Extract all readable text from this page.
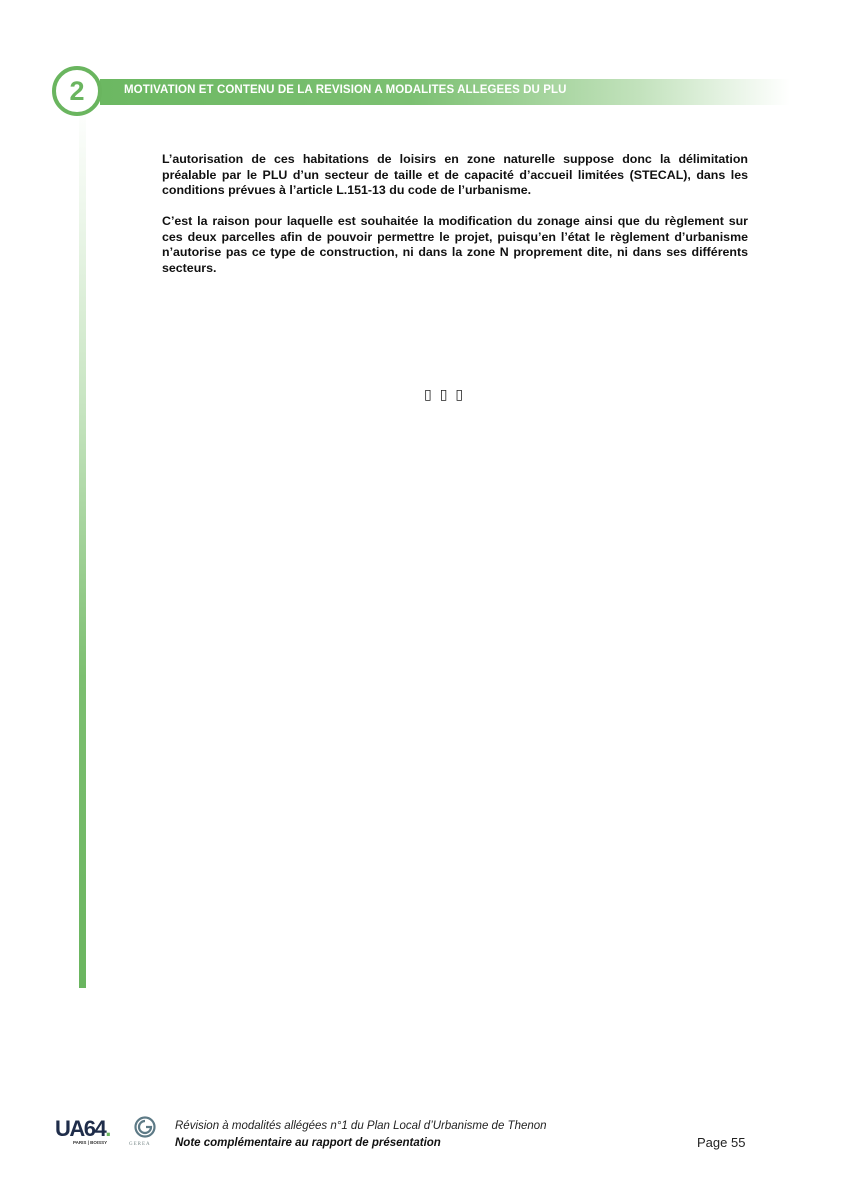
MOTIVATION ET CONTENU DE LA REVISION A MODALITES ALLEGEES DU PLU
2

L’autorisation de ces habitations de loisirs en zone naturelle suppose donc la délimitation préalable par le PLU d’un secteur de taille et de capacité d’accueil limitées (STECAL), dans les conditions prévues à l’article L.151-13 du code de l’urbanisme.

C’est la raison pour laquelle est souhaitée la modification du zonage ainsi que du règlement sur ces deux parcelles afin de pouvoir permettre le projet, puisqu’en l’état le règlement d’urbanisme n’autorise pas ce type de construction, ni dans la zone N proprement dite, ni dans ses différents secteurs.

▯▯▯
UA64.
PARIS | BOISSY	GEREA
Révision à modalités allégées n°1 du Plan Local d’Urbanisme de Thenon
Note complémentaire au rapport de présentation	Page 55
